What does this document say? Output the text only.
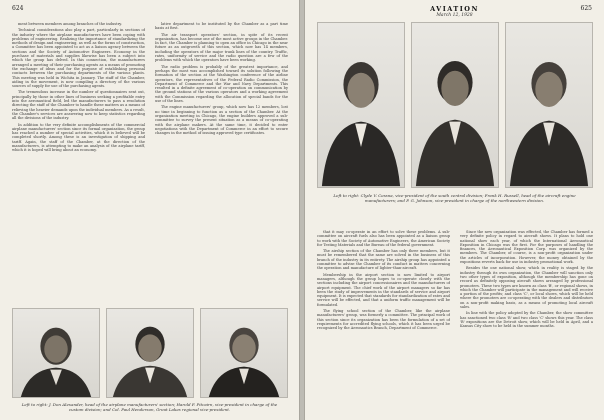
624

ment between members among branches of the industry.

Technical considerations also play a part, particularly in sections of the industry where the airplane manufacturers have been coping with problems of engineering. Realizing the importance of standardizing the methods of design and engineering, as well as the forms of construction, a Committee has been appointed to act as a liaison agency between the sections and the Society of Automotive Engineers. Economy in the purchase of materials and supplies likewise has been a subject into which the group has delved. In this connection, the manufacturers arranged a meeting of their purchasing agents as a means of promoting the exchange of ideas and for the purpose of establishing personal contacts between the purchasing departments of the various plants. This meeting was held in Wichita in January. The staff of the Chamber, aiding in the movement, is now compiling a directory of the various sources of supply for use of the purchasing agents.

The tremendous increase in the number of questionnaires sent out, principally by those in other lines of business seeking a profitable entry into the aeronautical field, led the manufacturers to pass a resolution directing the staff of the Chamber to handle these matters as a means of relieving the heavier demands upon the individual members. As a result, the Chamber's services are answering now to keep statistics regarding all the divisions of the industry.

In addition to the very definite accomplishments of the commercial airplane manufacturers' section since its formal organization, the group has reached a number of special activities, which it is believed will be completed shortly. Among these is an investigation of shipping and tariff. Again, the staff of the Chamber, at the direction of the manufacturers, is attempting to make an analysis of the airplane tariff, which it is hoped will bring about an economy.

lative department to be instituted by the Chamber as a part time basis at first.

The air transport operators' section, in spite of its recent organization, has become one of the most active groups in the Chamber. In fact, the Chamber is planning to open an office in Chicago in the near future as an outgrowth of this section, which now has 14 members, including the operators of the major trunk lines of the country. Traffic, rates, uniformity of service and the radio question are a few of the problems with which the operators have been working.

The radio problem is probably of the greatest importance, and perhaps the most was accomplished toward its solution following the formation of the section at the Washington conference of the airline operators, the representatives of the Federal Radio Commission, the Department of Commerce and the War and Navy Departments. This resulted in a definite agreement of co-operation on communication by the ground stations of the various operators and a working agreement with the Commission regarding the allocation of special bands for the use of the lines.

The engine manufacturers' group, which now has 12 members, lost no time in beginning to function as a section of the Chamber. At the organization meeting in Chicago, the engine builders approved a sub-committee to survey the present situation as a means of co-operating with the airplane makers. At the same time, it decided to enter negotiations with the Department of Commerce in an effort to secure changes in the method of issuing approved type certificates.

Left to right: J. Don Alexander, head of the airplane manufacturers' section; Harold F. Pitcairn, vice-president in charge of the custom division; and Col. Paul Henderson, Great Lakes regional vice-president.
AVIATION
March 12, 1928
625
Left to right: Clyde V. Cessna, vice-president of the south central division; Frank H. Russell, head of the aircraft engine manufacturers; and P. G. Johnson, vice-president in charge of the northwestern division.

that it may co-operate in an effort to solve these problems. A sub-committee on aircraft fuels also has been appointed as a liaison group to work with the Society of Automotive Engineers, the American Society for Testing Materials and the Bureau of the federal government.

The airship section of the Chamber has only three members, but it must be remembered that the same are solved in the business of this branch of the industry in its entirety. The airship group has appointed a committee to advise the Chamber of its conduct in matters concerning the operation and manufacture of lighter-than-aircraft.

Membership in the airport section is now limited to airport managers, although the group hopes to co-operate closely with the sections including the airport concessionaires and the manufacturers of airport equipment. The chief work of the airport managers so far has been the study of improvements in the standards of service and airport equipment. It is expected that standards for standardization of rates and service will be effected, and that a uniform traffic management will be formulated.

The flying school section of the Chamber, like the airplane manufacturers' group, was formerly a committee. The principal work of this section since its organization has been the formulation of a set of requirements for accredited flying schools, which it has been urged be recognized by the Aeronautics Branch, Department of Commerce.

Since the new organization was effected, the Chamber has formed a very definite policy in regard to aircraft shows. It plans to hold one national show each year, of which the International Aeronautical Exposition in Chicago was the first. For the purposes of handling the finances, the Aeronautical Exposition Corp. was organized by the members. The Chamber, of course, is a non-profit organization under the articles of incorporation. However, the money obtained by the expositions reverts back for use in industry promotional work.

Besides the one national show, which in reality is staged by the industry through its own organization, the Chamber will sanction only two other types of exposition, although the membership has gone on record as definitely opposing aircraft shows arranged by professional promoters. These two types are known as class 'B', or regional shows, in which the Chamber will participate in the management and will receive a portion of the profits; and class 'C', or local shows, which will be held where the promoters are co-operating with the dealers and distributors on a non-profit making basis, as a means of promoting local aircraft sales.

In line with the policy adopted by the Chamber, the show committee has sanctioned two class 'B' and two class 'C' shows this year. The class 'B' expositions are the Detroit show, which will be held in April, and a Kansas City show to be held in the summer months.
